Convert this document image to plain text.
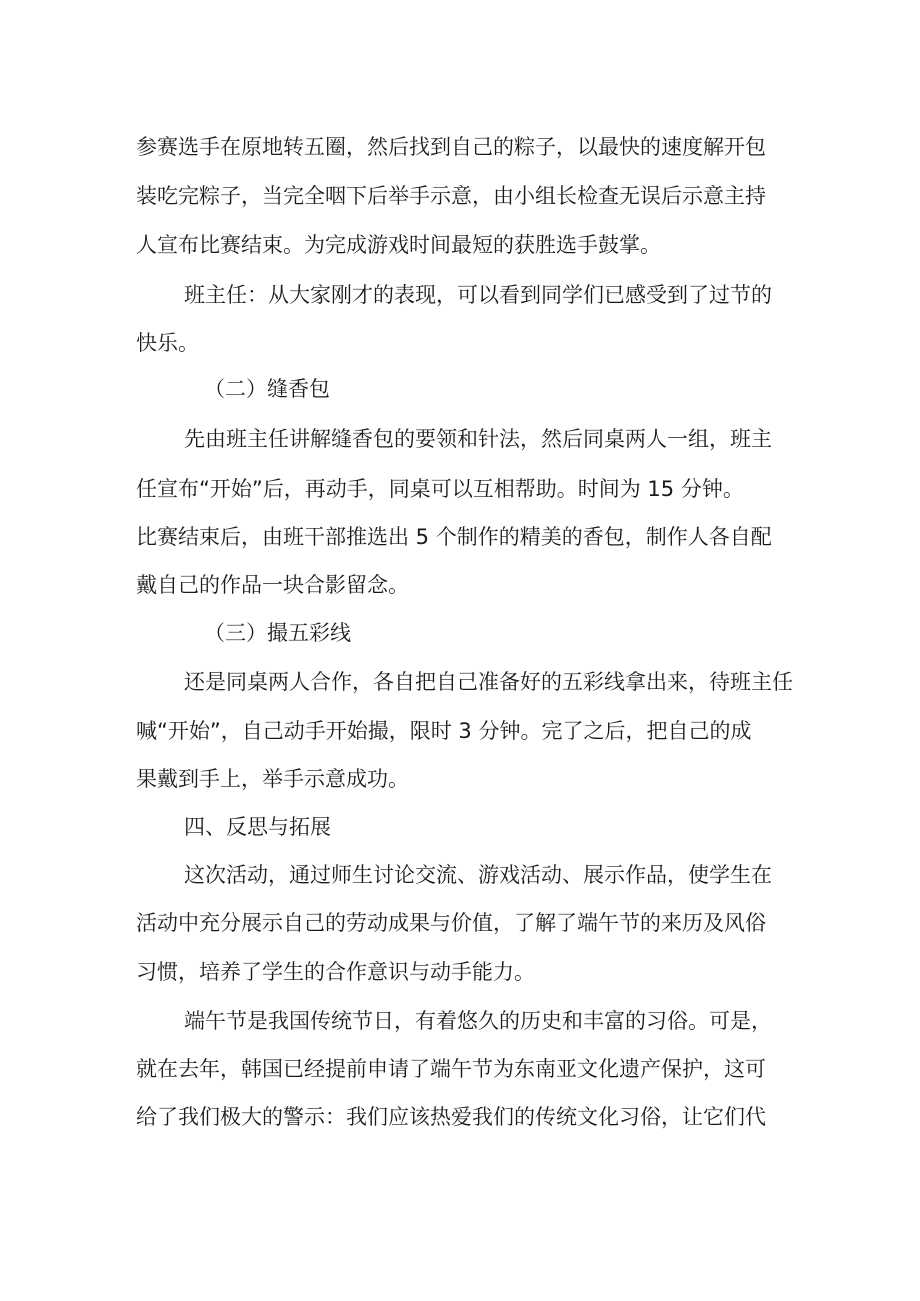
参赛选手在原地转五圈，然后找到自己的粽子，以最快的速度解开包
装吃完粽子，当完全咽下后举手示意，由小组长检查无误后示意主持
人宣布比赛结束。为完成游戏时间最短的获胜选手鼓掌。
班主任：从大家刚才的表现，可以看到同学们已感受到了过节的
快乐。
（二）缝香包
先由班主任讲解缝香包的要领和针法，然后同桌两人一组，班主
任宣布“开始”后，再动手，同桌可以互相帮助。时间为 15 分钟。
比赛结束后，由班干部推选出 5 个制作的精美的香包，制作人各自配
戴自己的作品一块合影留念。
（三）撮五彩线
还是同桌两人合作，各自把自己准备好的五彩线拿出来，待班主任
喊“开始”，自己动手开始撮，限时 3 分钟。完了之后，把自己的成
果戴到手上，举手示意成功。
四、反思与拓展
这次活动，通过师生讨论交流、游戏活动、展示作品，使学生在
活动中充分展示自己的劳动成果与价值，了解了端午节的来历及风俗
习惯，培养了学生的合作意识与动手能力。
端午节是我国传统节日，有着悠久的历史和丰富的习俗。可是，
就在去年，韩国已经提前申请了端午节为东南亚文化遗产保护，这可
给了我们极大的警示：我们应该热爱我们的传统文化习俗，让它们代
